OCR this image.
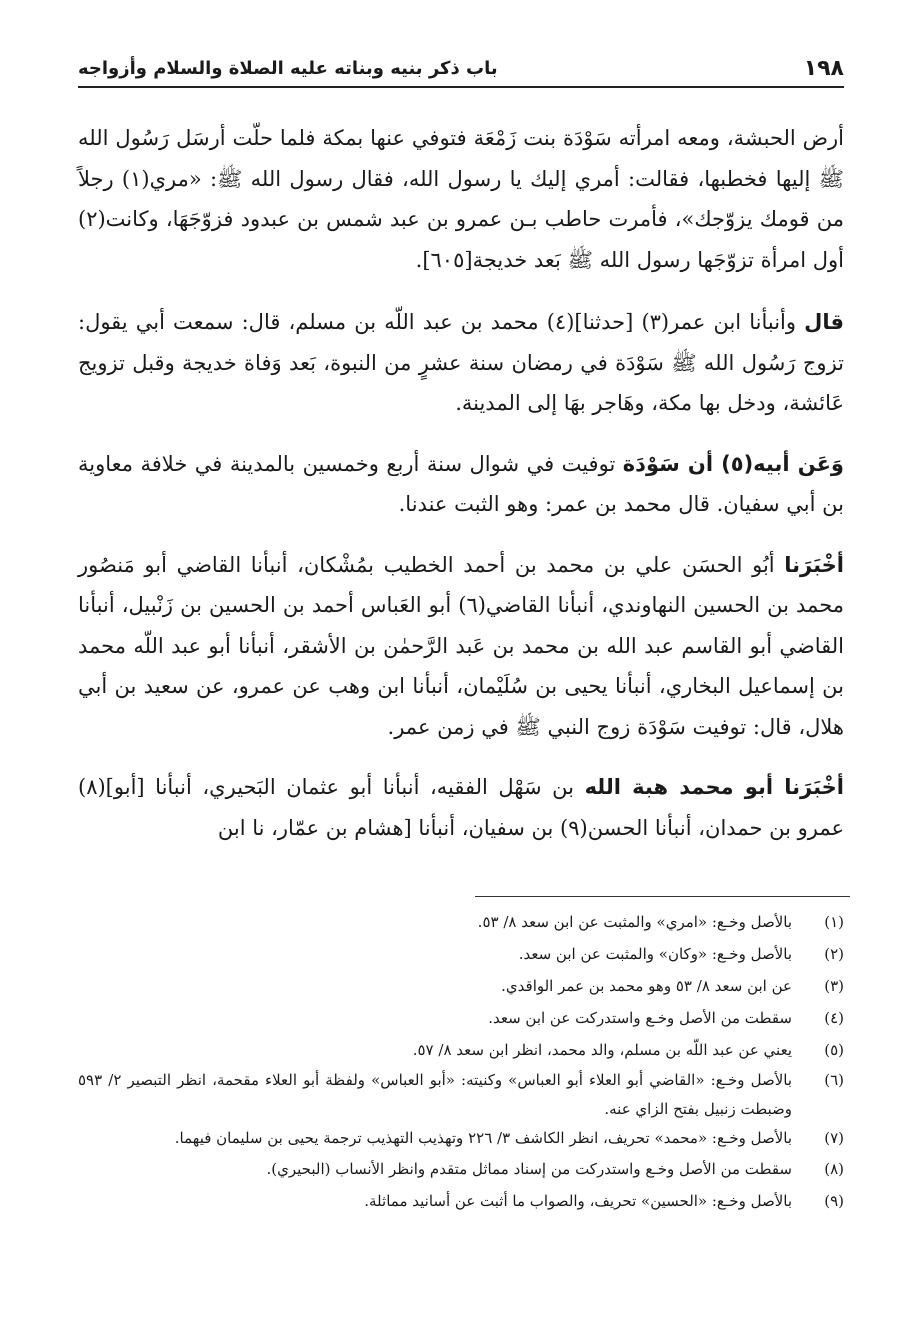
١٩٨
باب ذكر بنيه وبناته عليه الصلاة والسلام وأزواجه

أرض الحبشة، ومعه امرأته سَوْدَة بنت زَمْعَة فتوفي عنها بمكة فلما حلّت أرسَل رَسُول الله ﷺ إليها فخطبها، فقالت: أمري إليك يا رسول الله، فقال رسول الله ﷺ: «مري(١) رجلاً من قومك يزوّجك»، فأمرت حاطب بـن عمرو بن عبد شمس بن عبدود فزوّجَهَا، وكانت(٢) أول امرأة تزوّجَها رسول الله ﷺ بَعد خديجة[٦٠٥].

قال وأنبأنا ابن عمر(٣) [حدثنا](٤) محمد بن عبد اللّه بن مسلم، قال: سمعت أبي يقول: تزوج رَسُول الله ﷺ سَوْدَة في رمضان سنة عشرٍ من النبوة، بَعد وَفاة خديجة وقبل تزويج عَائشة، ودخل بها مكة، وهَاجر بهَا إلى المدينة.

وَعَن أبيه(٥) أن سَوْدَة توفيت في شوال سنة أربع وخمسين بالمدينة في خلافة معاوية بن أبي سفيان. قال محمد بن عمر: وهو الثبت عندنا.

أخْبَرَنا أبُو الحسَن علي بن محمد بن أحمد الخطيب بمُشْكان، أنبأنا القاضي أبو مَنصُور محمد بن الحسين النهاوندي، أنبأنا القاضي(٦) أبو العَباس أحمد بن الحسين بن زَنْبيل، أنبأنا القاضي أبو القاسم عبد الله بن محمد بن عَبد الرَّحمٰن بن الأشقر، أنبأنا أبو عبد اللّه محمد بن إسماعيل البخاري، أنبأنا يحيى بن سُلَيْمان، أنبأنا ابن وهب عن عمرو، عن سعيد بن أبي هلال، قال: توفيت سَوْدَة زوج النبي ﷺ في زمن عمر.

أخْبَرَنا أبو محمد هبة الله بن سَهْل الفقيه، أنبأنا أبو عثمان البَحيري، أنبأنا [أبو](٨) عمرو بن حمدان، أنبأنا الحسن(٩) بن سفيان، أنبأنا [هشام بن عمّار، نا ابن

(١)
بالأصل وخـع: «امري» والمثبت عن ابن سعد ٨/ ٥٣.
(٢)
بالأصل وخـع: «وكان» والمثبت عن ابن سعد.
(٣)
عن ابن سعد ٨/ ٥٣ وهو محمد بن عمر الواقدي.
(٤)
سقطت من الأصل وخـع واستدركت عن ابن سعد.
(٥)
يعني عن عبد اللّه بن مسلم، والد محمد، انظر ابن سعد ٨/ ٥٧.
(٦)
بالأصل وخـع: «القاضي أبو العلاء أبو العباس» وكنيته: «أبو العباس» ولفظة أبو العلاء مقحمة، انظر التبصير ٢/ ٥٩٣ وضبطت زنبيل بفتح الزاي عنه.
(٧)
بالأصل وخـع: «محمد» تحريف، انظر الكاشف ٣/ ٢٢٦ وتهذيب التهذيب ترجمة يحيى بن سليمان فيهما.
(٨)
سقطت من الأصل وخـع واستدركت من إسناد مماثل متقدم وانظر الأنساب (البحيري).
(٩)
بالأصل وخـع: «الحسين» تحريف، والصواب ما أثبت عن أسانيد مماثلة.
